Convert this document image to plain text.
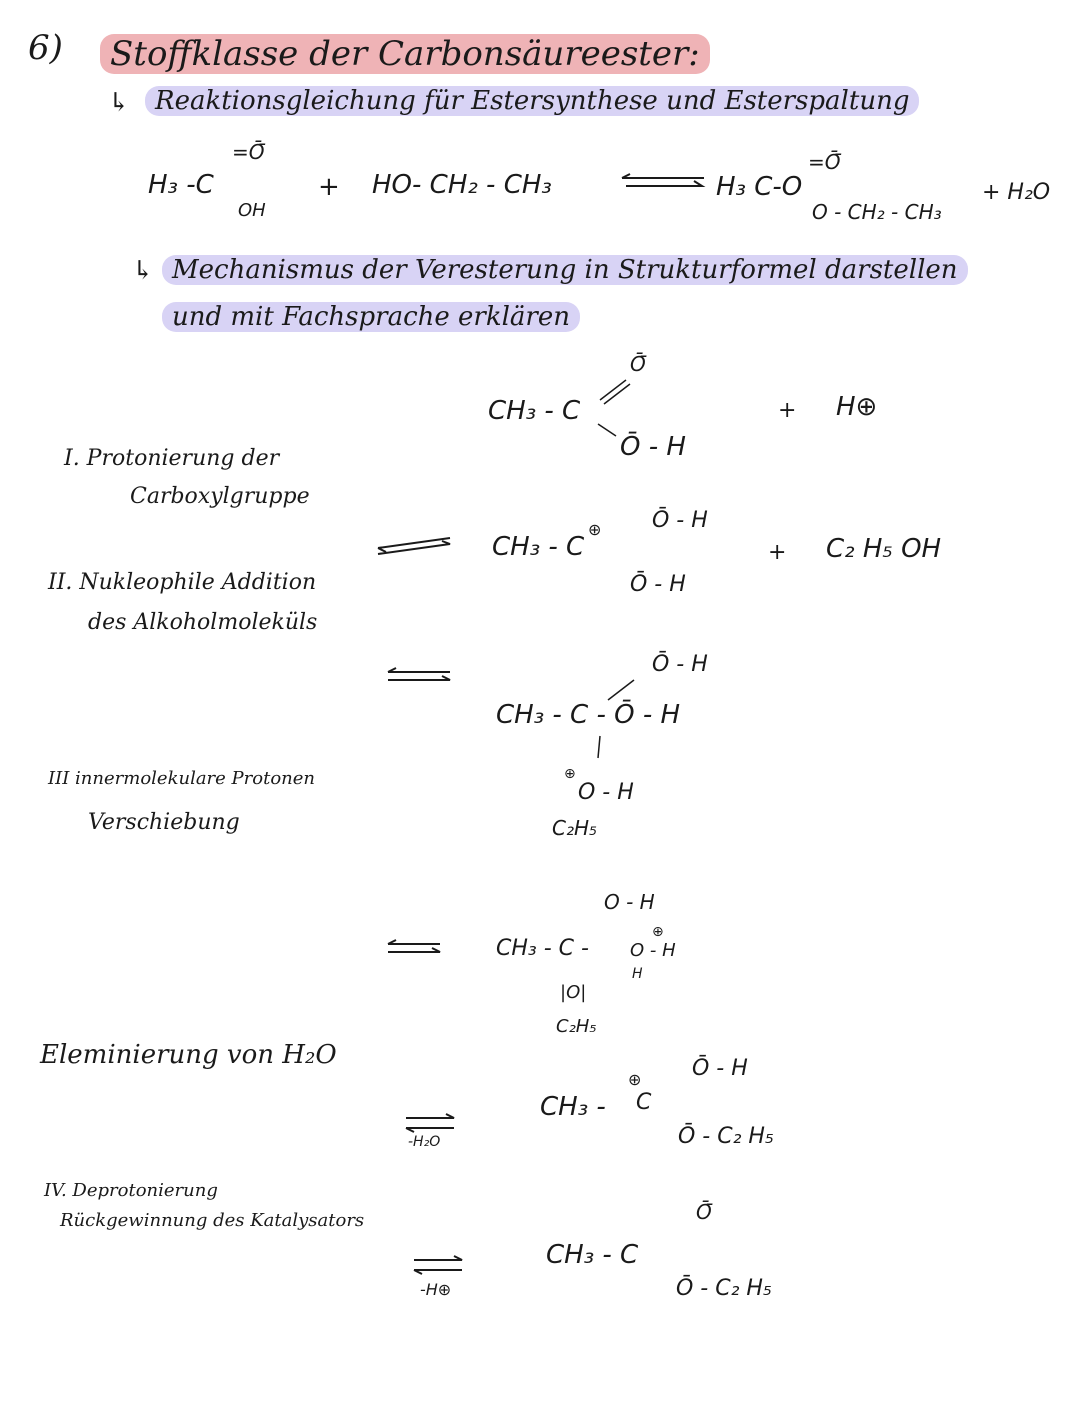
6) Stoffklasse der Carbonsäureester:
↳ Reaktionsgleichung für Estersynthese und Esterspaltung
H₃ -C
=Ō̄
OH
+ HO- CH₂ - CH₃	H₃ C-O
=Ō̄
O - CH₂ - CH₃
+ H₂O
↳ Mechanismus der Veresterung in Strukturformel darstellen
und mit Fachsprache erklären
I. Protonierung der
Carboxylgruppe
II. Nukleophile Addition
des Alkoholmoleküls
III innermolekulare Protonen
Verschiebung
Eleminierung von H₂O
IV. Deprotonierung
Rückgewinnung des Katalysators
CH₃ - C
Ō̄
Ō - H
+ H⊕
CH₃ - C
⊕ Ō - H
Ō - H
+ C₂ H₅ OH
Ō - H
CH₃ - C - Ō - H
⊕
O - H
C₂H₅
O - H
CH₃ - C - O - H
⊕
H
|O|
C₂H₅
-H₂O
CH₃ - C
⊕ Ō - H
Ō - C₂ H₅
-H⊕
CH₃ - C
Ō̄
Ō - C₂ H₅
